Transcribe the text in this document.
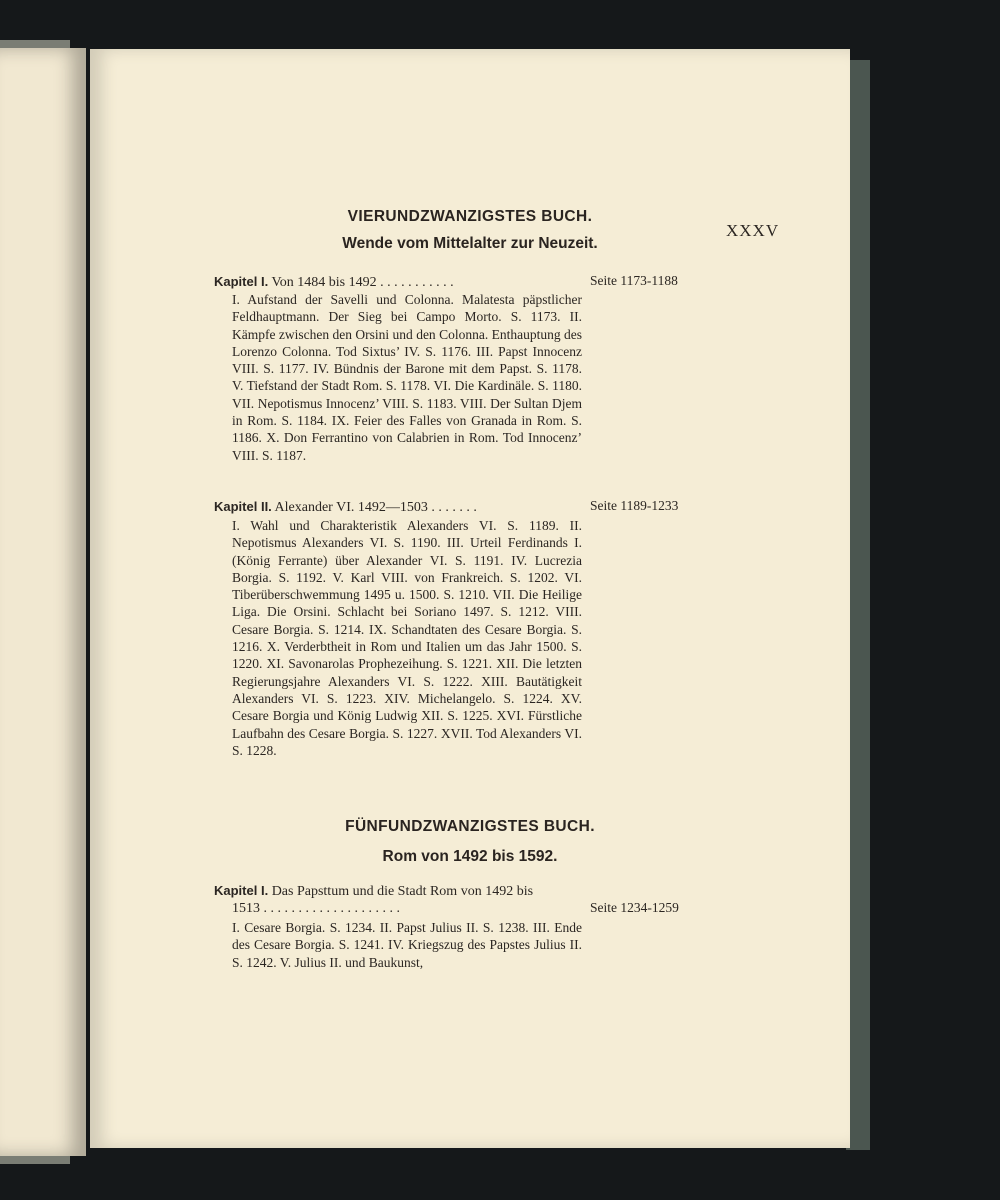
XXXV
VIERUNDZWANZIGSTES BUCH.
Wende vom Mittelalter zur Neuzeit.
Kapitel I. Von 1484 bis 1492 . . . . . . . . . . .	Seite 1173-1188
I. Aufstand der Savelli und Colonna. Malatesta päpstlicher Feldhauptmann. Der Sieg bei Campo Morto. S. 1173. II. Kämpfe zwischen den Orsini und den Colonna. Enthauptung des Lorenzo Colonna. Tod Sixtus’ IV. S. 1176. III. Papst Innocenz VIII. S. 1177. IV. Bündnis der Barone mit dem Papst. S. 1178. V. Tiefstand der Stadt Rom. S. 1178. VI. Die Kardinäle. S. 1180. VII. Nepotismus Innocenz’ VIII. S. 1183. VIII. Der Sultan Djem in Rom. S. 1184. IX. Feier des Falles von Granada in Rom. S. 1186. X. Don Ferrantino von Calabrien in Rom. Tod Innocenz’ VIII. S. 1187.
Kapitel II. Alexander VI. 1492—1503 . . . . . . .	Seite 1189-1233
I. Wahl und Charakteristik Alexanders VI. S. 1189. II. Nepotismus Alexanders VI. S. 1190. III. Urteil Ferdinands I. (König Ferrante) über Alexander VI. S. 1191. IV. Lucrezia Borgia. S. 1192. V. Karl VIII. von Frankreich. S. 1202. VI. Tiberüberschwemmung 1495 u. 1500. S. 1210. VII. Die Heilige Liga. Die Orsini. Schlacht bei Soriano 1497. S. 1212. VIII. Cesare Borgia. S. 1214. IX. Schandtaten des Cesare Borgia. S. 1216. X. Verderbtheit in Rom und Italien um das Jahr 1500. S. 1220. XI. Savonarolas Prophezeihung. S. 1221. XII. Die letzten Regierungsjahre Alexanders VI. S. 1222. XIII. Bautätigkeit Alexanders VI. S. 1223. XIV. Michelangelo. S. 1224. XV. Cesare Borgia und König Ludwig XII. S. 1225. XVI. Fürstliche Laufbahn des Cesare Borgia. S. 1227. XVII. Tod Alexanders VI. S. 1228.
FÜNFUNDZWANZIGSTES BUCH.
Rom von 1492 bis 1592.
Kapitel I. Das Papsttum und die Stadt Rom von 1492 bis
1513 . . . . . . . . . . . . . . . . . . . .	Seite 1234-1259
I. Cesare Borgia. S. 1234. II. Papst Julius II. S. 1238. III. Ende des Cesare Borgia. S. 1241. IV. Kriegszug des Papstes Julius II. S. 1242. V. Julius II. und Baukunst,
